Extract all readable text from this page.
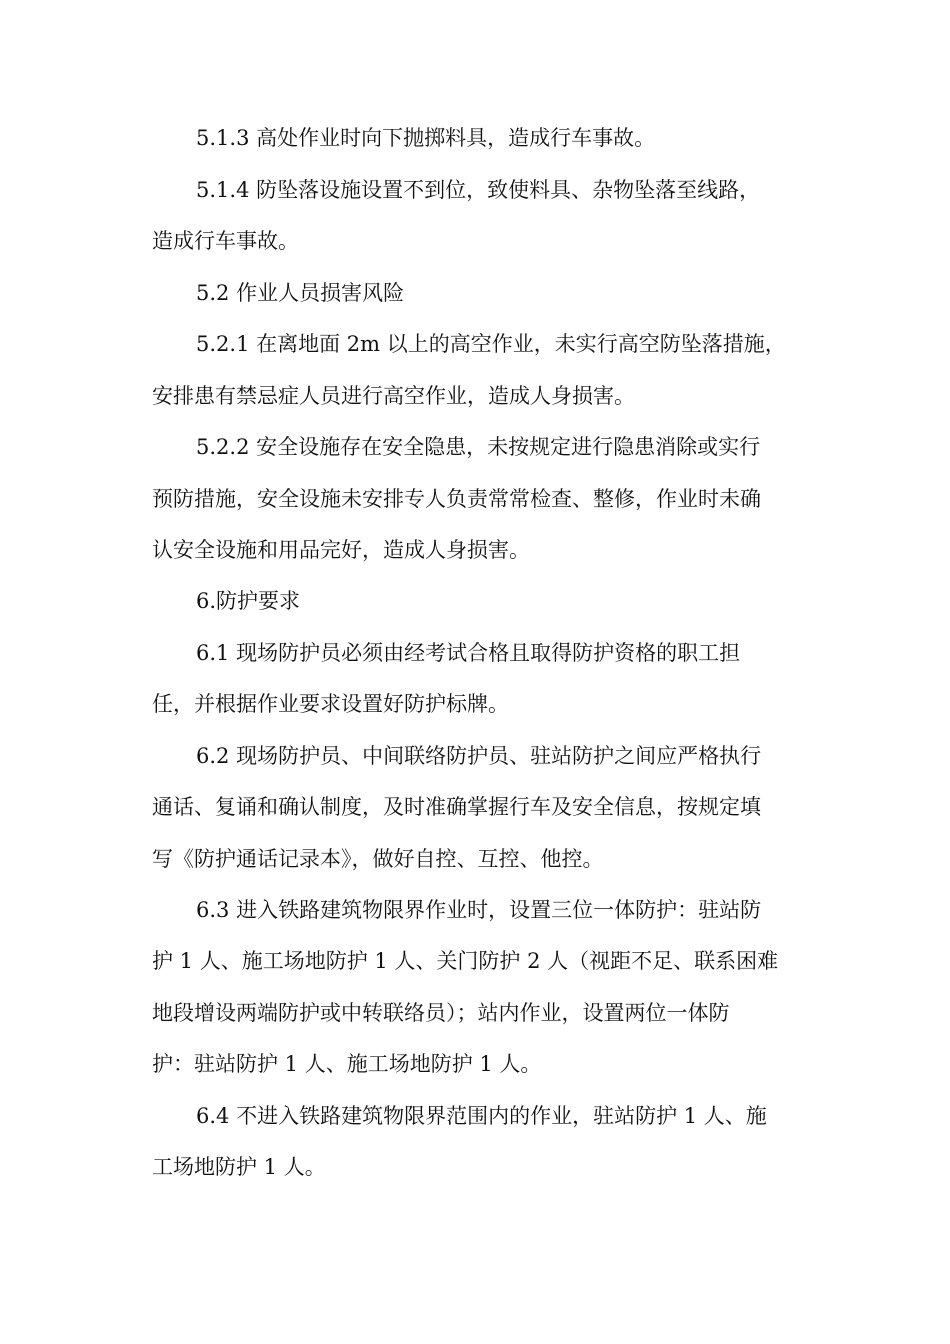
5.1.3 高处作业时向下抛掷料具，造成行车事故。
5.1.4 防坠落设施设置不到位，致使料具、杂物坠落至线路，
造成行车事故。
5.2 作业人员损害风险
5.2.1 在离地面 2m 以上的高空作业，未实行高空防坠落措施，
安排患有禁忌症人员进行高空作业，造成人身损害。
5.2.2 安全设施存在安全隐患，未按规定进行隐患消除或实行
预防措施，安全设施未安排专人负责常常检查、整修，作业时未确
认安全设施和用品完好，造成人身损害。
6.防护要求
6.1 现场防护员必须由经考试合格且取得防护资格的职工担
任，并根据作业要求设置好防护标牌。
6.2 现场防护员、中间联络防护员、驻站防护之间应严格执行
通话、复诵和确认制度，及时准确掌握行车及安全信息，按规定填
写《防护通话记录本》，做好自控、互控、他控。
6.3 进入铁路建筑物限界作业时，设置三位一体防护：驻站防
护 1 人、施工场地防护 1 人、关门防护 2 人（视距不足、联系困难
地段增设两端防护或中转联络员）；站内作业，设置两位一体防
护：驻站防护 1 人、施工场地防护 1 人。
6.4 不进入铁路建筑物限界范围内的作业，驻站防护 1 人、施
工场地防护 1 人。
